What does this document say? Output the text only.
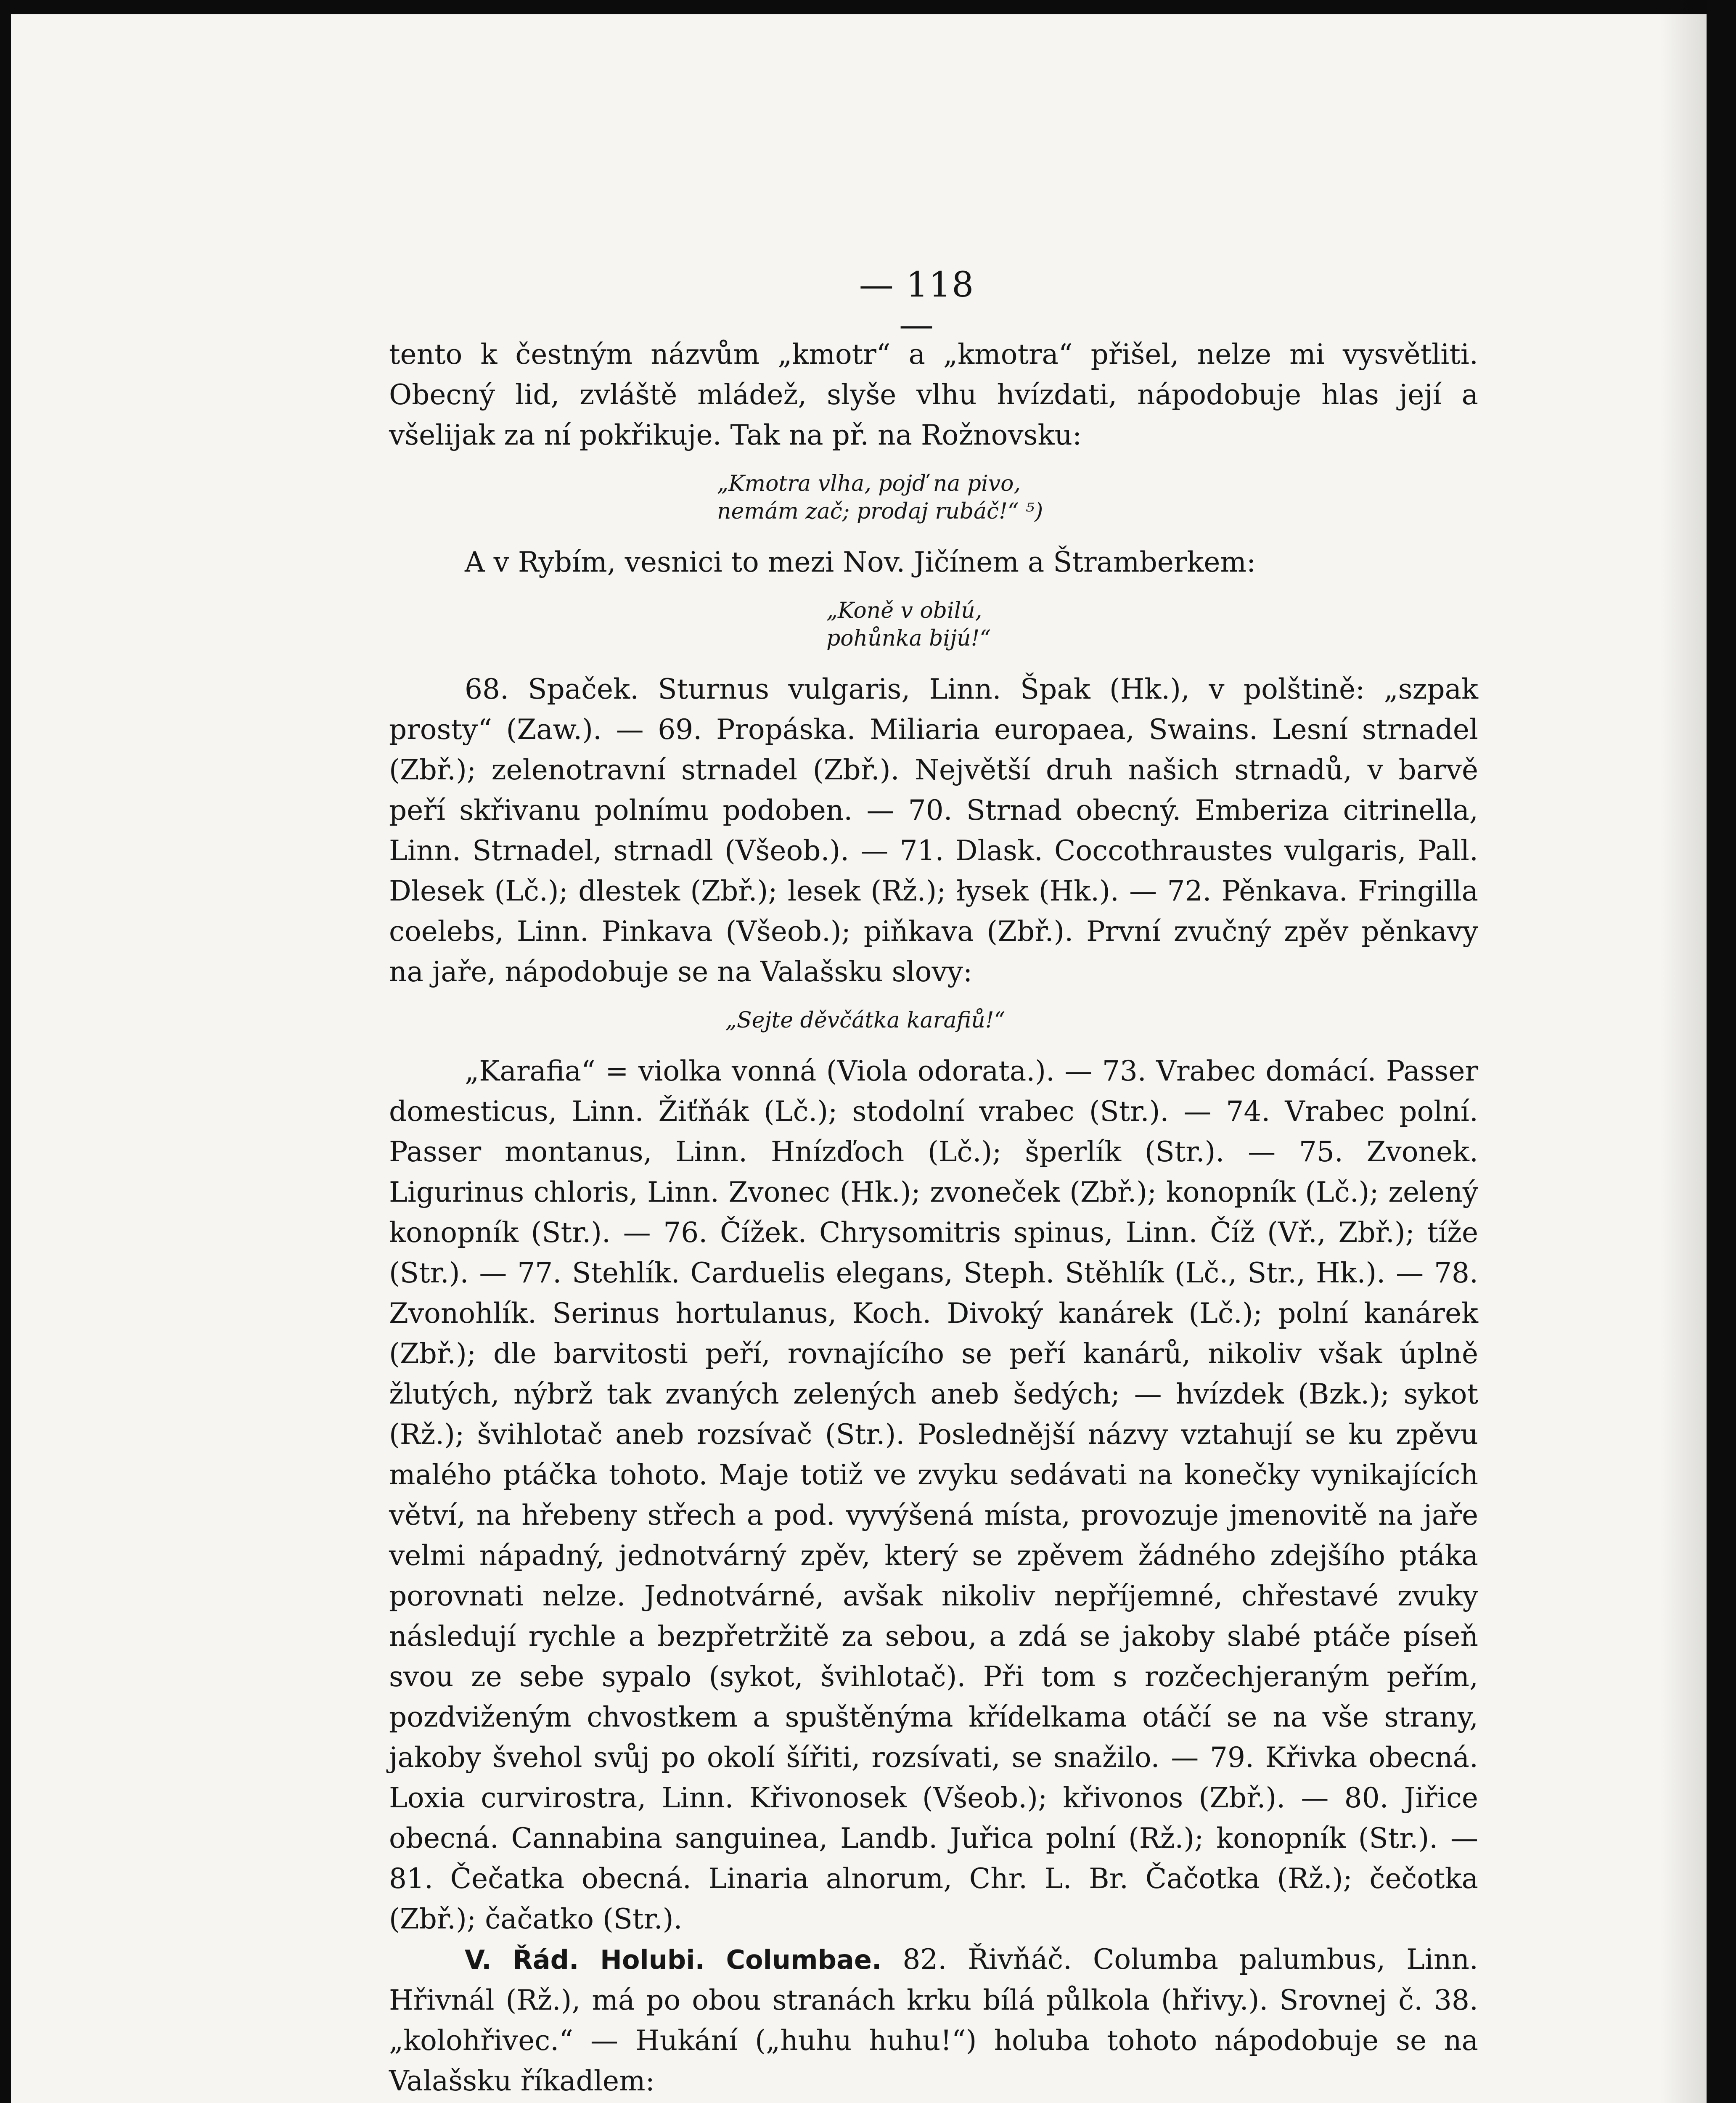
— 118 —

tento k čestným názvům „kmotr“ a „kmotra“ přišel, nelze mi vysvětliti. Obecný lid, zvláště mládež, slyše vlhu hvízdati, nápodobuje hlas její a všelijak za ní pokřikuje. Tak na př. na Rožnovsku:

„Kmotra vlha, pojď na pivo,
nemám zač; prodaj rubáč!“ ⁵)

A v Rybím, vesnici to mezi Nov. Jičínem a Štramberkem:

„Koně v obilú,
pohůnka bijú!“

68. Spaček. Sturnus vulgaris, Linn. Špak (Hk.), v polštině: „szpak prosty“ (Zaw.). — 69. Propáska. Miliaria europaea, Swains. Lesní strnadel (Zbř.); zelenotravní strnadel (Zbř.). Největší druh našich strnadů, v barvě peří skřivanu polnímu podoben. — 70. Strnad obecný. Emberiza citrinella, Linn. Strnadel, strnadl (Všeob.). — 71. Dlask. Coccothraustes vulgaris, Pall. Dlesek (Lč.); dlestek (Zbř.); lesek (Rž.); łysek (Hk.). — 72. Pěnkava. Fringilla coelebs, Linn. Pinkava (Všeob.); piňkava (Zbř.). První zvučný zpěv pěnkavy na jaře, nápodobuje se na Valašsku slovy:

„Sejte děvčátka karafiů!“

„Karafia“ = violka vonná (Viola odorata.). — 73. Vrabec domácí. Passer domesticus, Linn. Žiťňák (Lč.); stodolní vrabec (Str.). — 74. Vrabec polní. Passer montanus, Linn. Hnízďoch (Lč.); šperlík (Str.). — 75. Zvonek. Ligurinus chloris, Linn. Zvonec (Hk.); zvoneček (Zbř.); konopník (Lč.); zelený konopník (Str.). — 76. Čížek. Chrysomitris spinus, Linn. Číž (Vř., Zbř.); tíže (Str.). — 77. Stehlík. Carduelis elegans, Steph. Stěhlík (Lč., Str., Hk.). — 78. Zvonohlík. Serinus hortulanus, Koch. Divoký kanárek (Lč.); polní kanárek (Zbř.); dle barvitosti peří, rovnajícího se peří kanárů, nikoliv však úplně žlutých, nýbrž tak zvaných zelených aneb šedých; — hvízdek (Bzk.); sykot (Rž.); švihlotač aneb rozsívač (Str.). Poslednější názvy vztahují se ku zpěvu malého ptáčka tohoto. Maje totiž ve zvyku sedávati na konečky vynikajících větví, na hřebeny střech a pod. vyvýšená místa, provozuje jmenovitě na jaře velmi nápadný, jednotvárný zpěv, který se zpěvem žádného zdejšího ptáka porovnati nelze. Jednotvárné, avšak nikoliv nepříjemné, chřestavé zvuky následují rychle a bezpřetržitě za sebou, a zdá se jakoby slabé ptáče píseň svou ze sebe sypalo (sykot, švihlotač). Při tom s rozčechjeraným peřím, pozdviženým chvostkem a spuštěnýma křídelkama otáčí se na vše strany, jakoby švehol svůj po okolí šířiti, rozsívati, se snažilo. — 79. Křivka obecná. Loxia curvirostra, Linn. Křivonosek (Všeob.); křivonos (Zbř.). — 80. Jiřice obecná. Cannabina sanguinea, Landb. Juřica polní (Rž.); konopník (Str.). — 81. Čečatka obecná. Linaria alnorum, Chr. L. Br. Čačotka (Rž.); čečotka (Zbř.); čačatko (Str.).

V. Řád. Holubi. Columbae. 82. Řivňáč. Columba palumbus, Linn. Hřivnál (Rž.), má po obou stranách krku bílá půlkola (hřivy.). Srovnej č. 38. „kolohřivec.“ — Hukání („huhu huhu!“) holuba tohoto nápodobuje se na Valašsku říkadlem:
